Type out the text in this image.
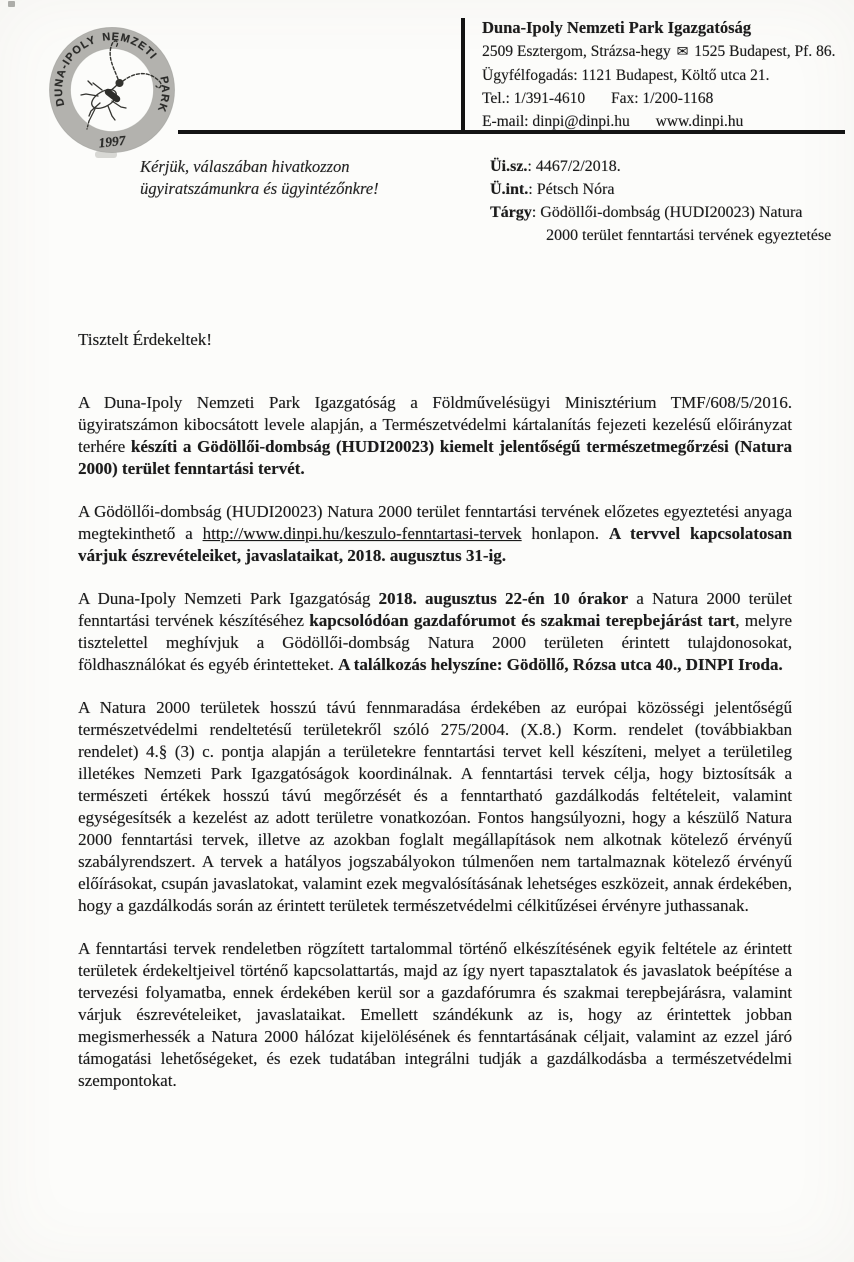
DUNA-IPOLY NEMZETI
PARK
1997
Duna-Ipoly Nemzeti Park Igazgatóság
2509 Esztergom, Strázsa-hegy ✉ 1525 Budapest, Pf. 86.
Ügyfélfogadás: 1121 Budapest, Költő utca 21.
Tel.: 1/391-4610 Fax: 1/200-1168
E-mail: dinpi@dinpi.hu www.dinpi.hu
Kérjük, válaszában hivatkozzon
ügyiratszámunkra és ügyintézőnkre!
Üi.sz.: 4467/2/2018.
Ü.int.: Pétsch Nóra
Tárgy: Gödöllői-dombság (HUDI20023) Natura 2000 terület fenntartási tervének egyeztetése
Tisztelt Érdekeltek!

A Duna-Ipoly Nemzeti Park Igazgatóság a Földművelésügyi Minisztérium TMF/608/5/2016. ügyiratszámon kibocsátott levele alapján, a Természetvédelmi kártalanítás fejezeti kezelésű előirányzat terhére készíti a Gödöllői-dombság (HUDI20023) kiemelt jelentőségű természetmegőrzési (Natura 2000) terület fenntartási tervét.

A Gödöllői-dombság (HUDI20023) Natura 2000 terület fenntartási tervének előzetes egyeztetési anyaga megtekinthető a http://www.dinpi.hu/keszulo-fenntartasi-tervek honlapon. A tervvel kapcsolatosan várjuk észrevételeiket, javaslataikat, 2018. augusztus 31-ig.

A Duna-Ipoly Nemzeti Park Igazgatóság 2018. augusztus 22-én 10 órakor a Natura 2000 terület fenntartási tervének készítéséhez kapcsolódóan gazdafórumot és szakmai terepbejárást tart, melyre tisztelettel meghívjuk a Gödöllői-dombság Natura 2000 területen érintett tulajdonosokat, földhasználókat és egyéb érintetteket. A találkozás helyszíne: Gödöllő, Rózsa utca 40., DINPI Iroda.

A Natura 2000 területek hosszú távú fennmaradása érdekében az európai közösségi jelentőségű természetvédelmi rendeltetésű területekről szóló 275/2004. (X.8.) Korm. rendelet (továbbiakban rendelet) 4.§ (3) c. pontja alapján a területekre fenntartási tervet kell készíteni, melyet a területileg illetékes Nemzeti Park Igazgatóságok koordinálnak. A fenntartási tervek célja, hogy biztosítsák a természeti értékek hosszú távú megőrzését és a fenntartható gazdálkodás feltételeit, valamint egységesítsék a kezelést az adott területre vonatkozóan. Fontos hangsúlyozni, hogy a készülő Natura 2000 fenntartási tervek, illetve az azokban foglalt megállapítások nem alkotnak kötelező érvényű szabályrendszert. A tervek a hatályos jogszabályokon túlmenően nem tartalmaznak kötelező érvényű előírásokat, csupán javaslatokat, valamint ezek megvalósításának lehetséges eszközeit, annak érdekében, hogy a gazdálkodás során az érintett területek természetvédelmi célkitűzései érvényre juthassanak.

A fenntartási tervek rendeletben rögzített tartalommal történő elkészítésének egyik feltétele az érintett területek érdekeltjeivel történő kapcsolattartás, majd az így nyert tapasztalatok és javaslatok beépítése a tervezési folyamatba, ennek érdekében kerül sor a gazdafórumra és szakmai terepbejárásra, valamint várjuk észrevételeiket, javaslataikat. Emellett szándékunk az is, hogy az érintettek jobban megismerhessék a Natura 2000 hálózat kijelölésének és fenntartásának céljait, valamint az ezzel járó támogatási lehetőségeket, és ezek tudatában integrálni tudják a gazdálkodásba a természetvédelmi szempontokat.
